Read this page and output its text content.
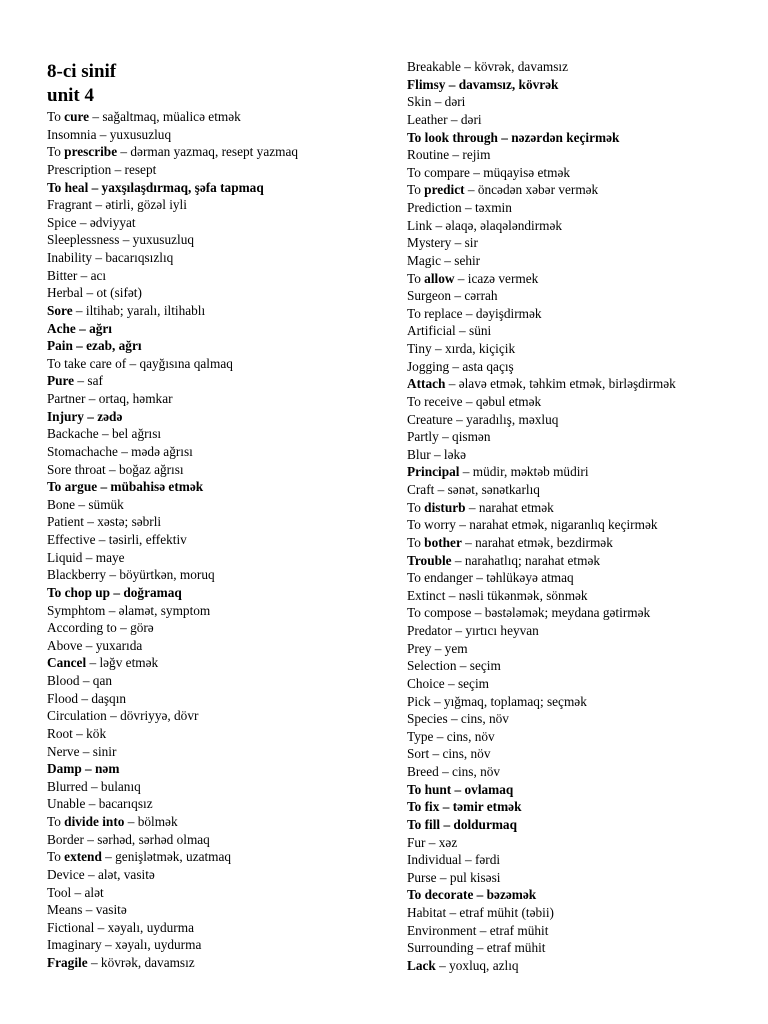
8-ci sinif
unit 4
To cure – sağaltmaq, müalicə etmək
Insomnia – yuxusuzluq
To prescribe – dərman yazmaq, resept yazmaq
Prescription – resept
To heal – yaxşılaşdırmaq, şəfa tapmaq
Fragrant – ətirli, gözəl iyli
Spice – ədviyyat
Sleeplessness – yuxusuzluq
Inability – bacarıqsızlıq
Bitter – acı
Herbal – ot (sifət)
Sore – iltihab; yaralı, iltihablı
Ache – ağrı
Pain – ezab, ağrı
To take care of – qayğısına qalmaq
Pure – saf
Partner – ortaq, həmkar
Injury – zədə
Backache – bel ağrısı
Stomachache – mədə ağrısı
Sore throat – boğaz ağrısı
To argue – mübahisə etmək
Bone – sümük
Patient – xəstə; səbrli
Effective – təsirli, effektiv
Liquid – maye
Blackberry – böyürtkən, moruq
To chop up – doğramaq
Symphtom – əlamət, symptom
According to – görə
Above – yuxarıda
Cancel – ləğv etmək
Blood – qan
Flood – daşqın
Circulation – dövriyyə, dövr
Root – kök
Nerve – sinir
Damp – nəm
Blurred – bulanıq
Unable – bacarıqsız
To divide into – bölmək
Border – sərhəd, sərhəd olmaq
To extend – genişlətmək, uzatmaq
Device – alət, vasitə
Tool – alət
Means – vasitə
Fictional – xəyalı, uydurma
Imaginary – xəyalı, uydurma
Fragile – kövrək, davamsız
Breakable – kövrək, davamsız
Flimsy – davamsız, kövrək
Skin – dəri
Leather – dəri
To look through – nəzərdən keçirmək
Routine – rejim
To compare – müqayisə etmək
To predict – öncədən xəbər vermək
Prediction – təxmin
Link – əlaqə, əlaqələndirmək
Mystery – sir
Magic – sehir
To allow – icazə vermek
Surgeon – cərrah
To replace – dəyişdirmək
Artificial – süni
Tiny – xırda, kiçiçik
Jogging – asta qaçış
Attach – əlavə etmək, təhkim etmək, birləşdirmək
To receive – qəbul etmək
Creature – yaradılış, məxluq
Partly – qismən
Blur – ləkə
Principal – müdir, məktəb müdiri
Craft – sənət, sənətkarlıq
To disturb – narahat etmək
To worry – narahat etmək, nigaranlıq keçirmək
To bother – narahat etmək, bezdirmək
Trouble – narahatlıq; narahat etmək
To endanger – təhlükəyə atmaq
Extinct – nəsli tükənmək, sönmək
To compose – bəstələmək; meydana gətirmək
Predator – yırtıcı heyvan
Prey – yem
Selection – seçim
Choice – seçim
Pick – yığmaq, toplamaq; seçmək
Species – cins, növ
Type – cins, növ
Sort – cins, növ
Breed – cins, növ
To hunt – ovlamaq
To fix – təmir etmək
To fill – doldurmaq
Fur – xəz
Individual – fərdi
Purse – pul kisəsi
To decorate – bəzəmək
Habitat – etraf mühit (təbii)
Environment – etraf mühit
Surrounding – etraf mühit
Lack – yoxluq, azlıq
